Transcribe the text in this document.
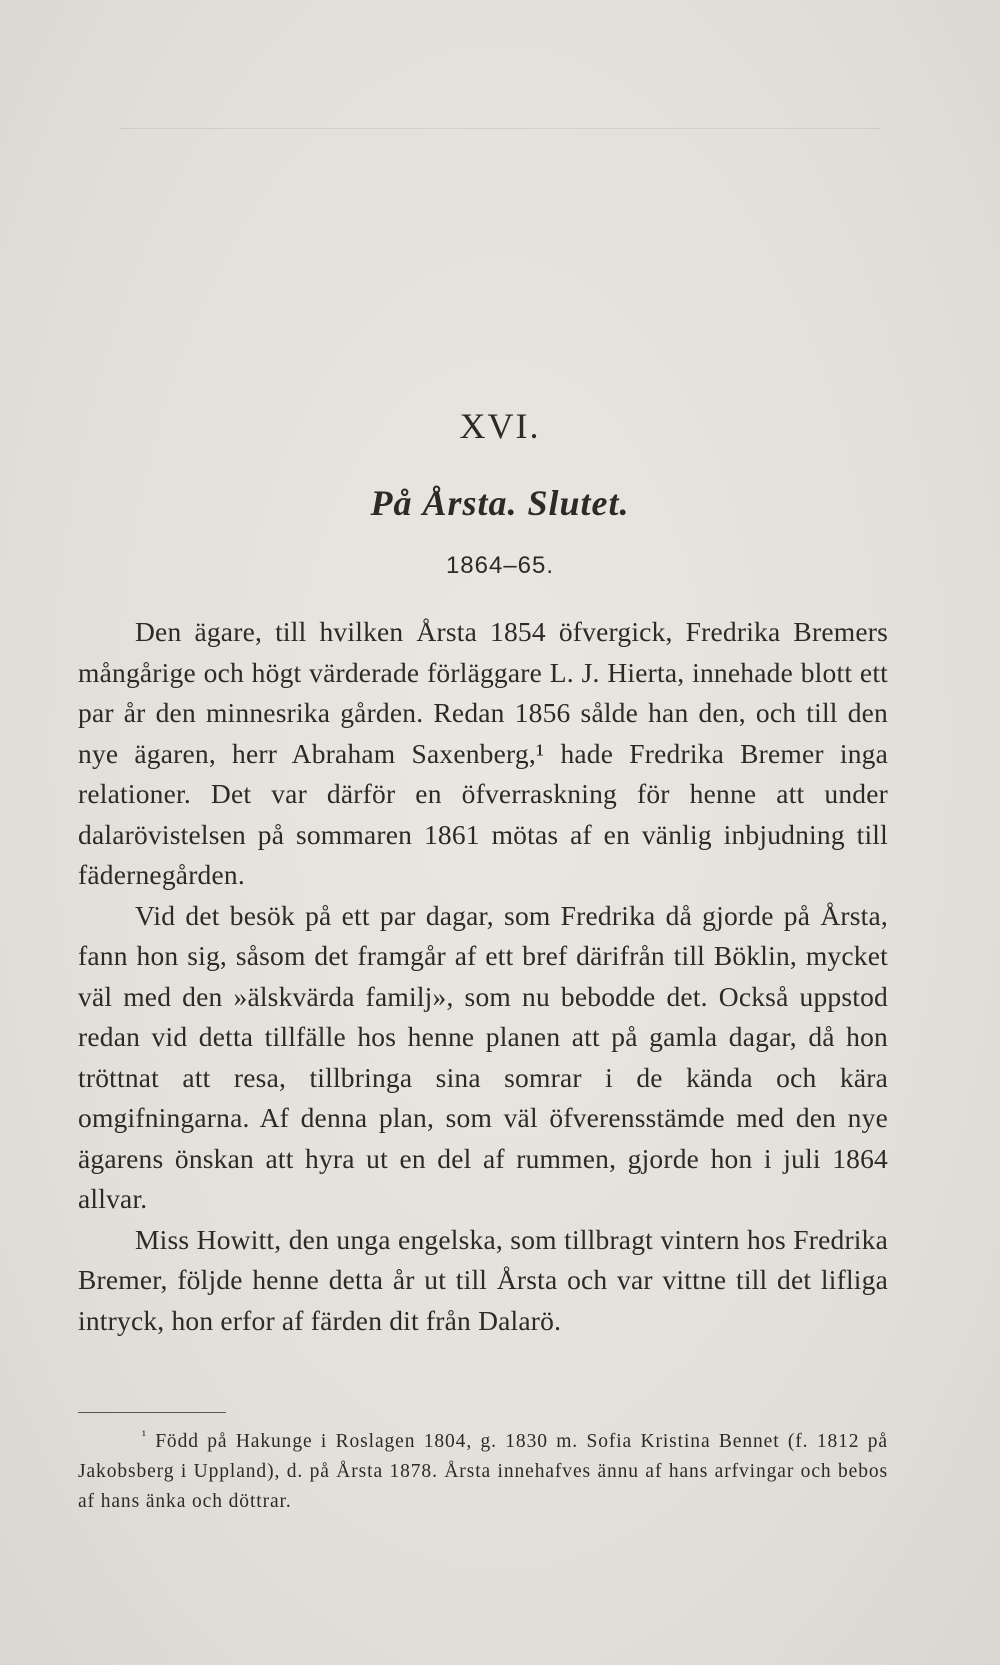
XVI.
På Årsta. Slutet.
1864–65.

Den ägare, till hvilken Årsta 1854 öfvergick, Fredrika Bremers mångårige och högt värderade förläggare L. J. Hierta, innehade blott ett par år den minnesrika gården. Redan 1856 sålde han den, och till den nye ägaren, herr Abraham Saxenberg,¹ hade Fredrika Bremer inga relationer. Det var därför en öfverraskning för henne att under dalarövistelsen på sommaren 1861 mötas af en vänlig inbjudning till fädernegården.

Vid det besök på ett par dagar, som Fredrika då gjorde på Årsta, fann hon sig, såsom det framgår af ett bref därifrån till Böklin, mycket väl med den »älskvärda familj», som nu bebodde det. Också uppstod redan vid detta tillfälle hos henne planen att på gamla dagar, då hon tröttnat att resa, tillbringa sina somrar i de kända och kära omgifningarna. Af denna plan, som väl öfverensstämde med den nye ägarens önskan att hyra ut en del af rummen, gjorde hon i juli 1864 allvar.

Miss Howitt, den unga engelska, som tillbragt vintern hos Fredrika Bremer, följde henne detta år ut till Årsta och var vittne till det lifliga intryck, hon erfor af färden dit från Dalarö.

$^{^1}$ Född på Hakunge i Roslagen 1804, g. 1830 m. Sofia Kristina Bennet (f. 1812 på Jakobsberg i Uppland), d. på Årsta 1878. Årsta innehafves ännu af hans arfvingar och bebos af hans änka och döttrar.
